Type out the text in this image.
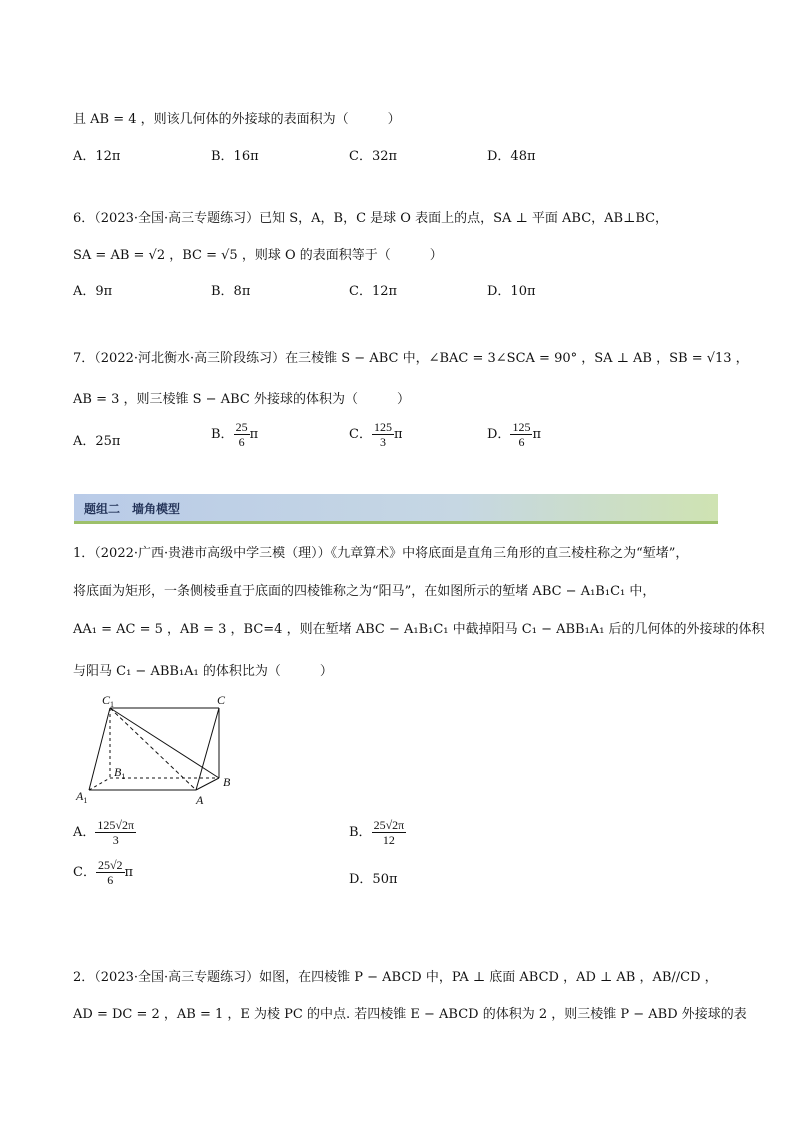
且 AB = 4 ，则该几何体的外接球的表面积为（　　　）
A．12π	B．16π	C．32π	D．48π
6．（2023·全国·高三专题练习）已知 S，A，B，C 是球 O 表面上的点，SA ⊥ 平面 ABC，AB⊥BC，
SA = AB = √2 ，BC = √5 ，则球 O 的表面积等于（　　　）
A．9π	B．8π	C．12π	D．10π
7．（2022·河北衡水·高三阶段练习）在三棱锥 S − ABC 中，∠BAC = 3∠SCA = 90° ，SA ⊥ AB ，SB = √13 ，
AB = 3 ，则三棱锥 S − ABC 外接球的体积为（　　　）
A．25π	B． $\frac{25}{6}$ π	C． $\frac{125}{3}$ π	D． $\frac{125}{6}$ π
题组二　墙角模型
1．（2022·广西·贵港市高级中学三模（理））《九章算术》中将底面是直角三角形的直三棱柱称之为“堑堵”，
将底面为矩形，一条侧棱垂直于底面的四棱锥称之为“阳马”，在如图所示的堑堵 ABC − A₁B₁C₁ 中，
AA₁ = AC = 5 ，AB = 3 ，BC=4 ，则在堑堵 ABC − A₁B₁C₁ 中截掉阳马 C₁ − ABB₁A₁ 后的几何体的外接球的体积
与阳马 C₁ − ABB₁A₁ 的体积比为（　　　）
$C_1$	C
$B_1$	B
$A_1$	A
A． $\frac{125√2\pi}{3}$	B． $\frac{25√2\pi}{12}$
C． $\frac{25√2}{6}$ π	D．50π
2．（2023·全国·高三专题练习）如图，在四棱锥 P − ABCD 中，PA ⊥ 底面 ABCD ，AD ⊥ AB ，AB//CD ，
AD = DC = 2 ，AB = 1 ，E 为棱 PC 的中点. 若四棱锥 E − ABCD 的体积为 2 ，则三棱锥 P − ABD 外接球的表
